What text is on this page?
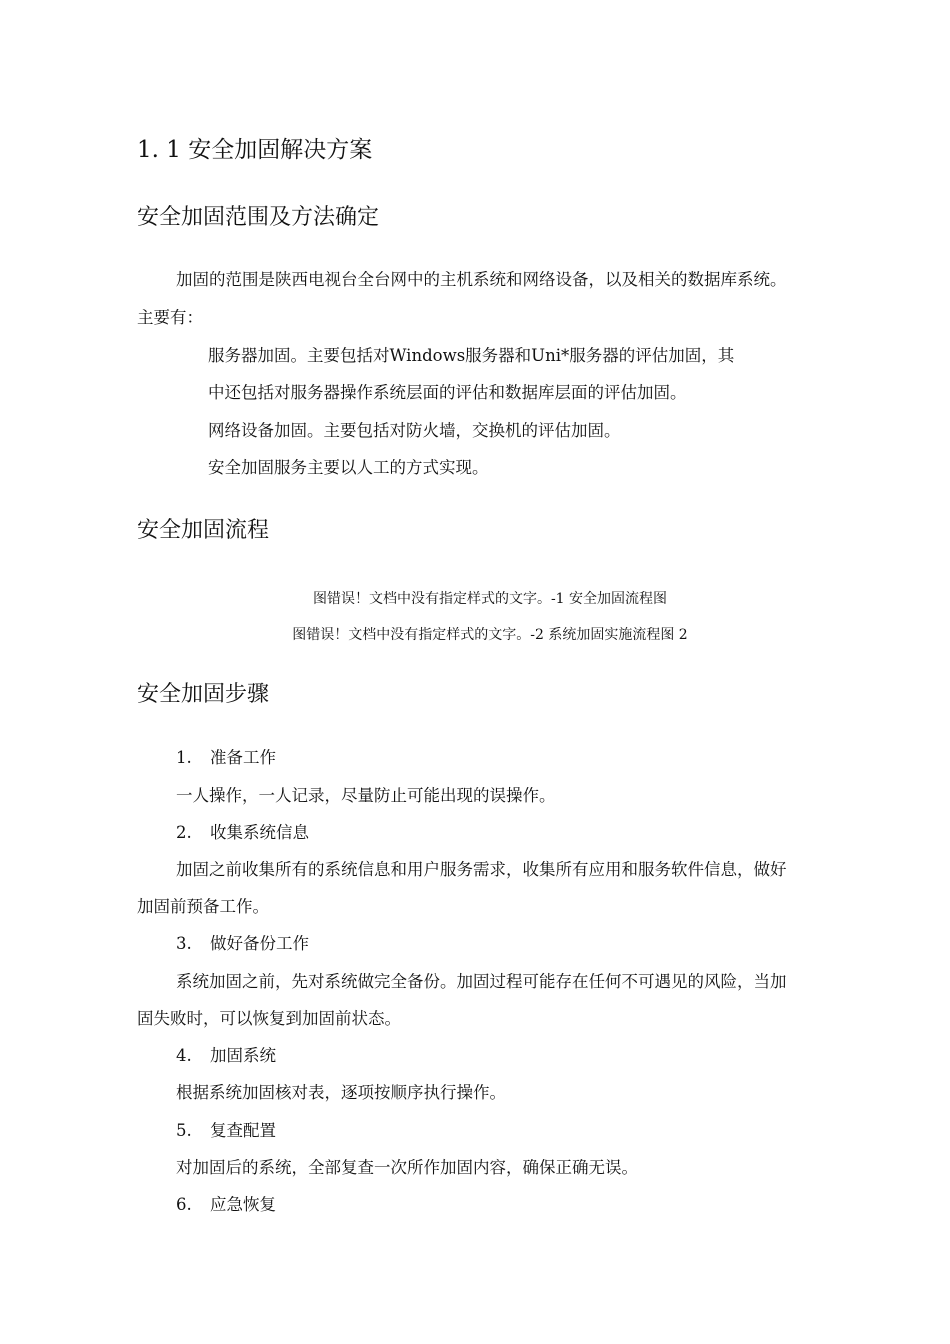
1. 1 安全加固解决方案
安全加固范围及方法确定
加固的范围是陕西电视台全台网中的主机系统和网络设备，以及相关的数据库系统。
主要有：
服务器加固。主要包括对Windows服务器和Uni*服务器的评估加固，其
中还包括对服务器操作系统层面的评估和数据库层面的评估加固。
网络设备加固。主要包括对防火墙，交换机的评估加固。
安全加固服务主要以人工的方式实现。
安全加固流程
图错误！文档中没有指定样式的文字。-1 安全加固流程图
图错误！文档中没有指定样式的文字。-2 系统加固实施流程图 2
安全加固步骤
1. 准备工作
一人操作，一人记录，尽量防止可能出现的误操作。
2. 收集系统信息
加固之前收集所有的系统信息和用户服务需求，收集所有应用和服务软件信息，做好
加固前预备工作。
3. 做好备份工作
系统加固之前，先对系统做完全备份。加固过程可能存在任何不可遇见的风险，当加
固失败时，可以恢复到加固前状态。
4. 加固系统
根据系统加固核对表，逐项按顺序执行操作。
5. 复查配置
对加固后的系统，全部复查一次所作加固内容，确保正确无误。
6. 应急恢复
